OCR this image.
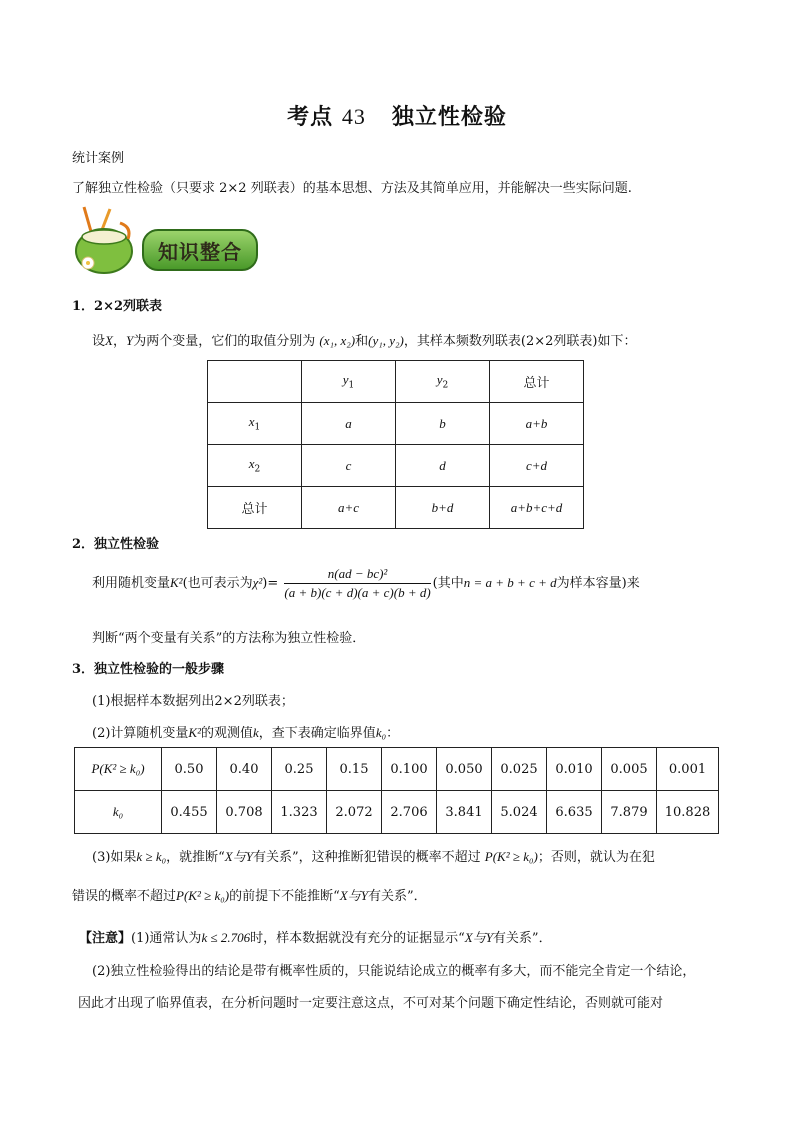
考点 43 独立性检验
统计案例
了解独立性检验（只要求 2×2 列联表）的基本思想、方法及其简单应用，并能解决一些实际问题.
知识整合
1．2×2列联表
设X，Y为两个变量，它们的取值分别为 (x₁, x₂)和(y₁, y₂)，其样本频数列联表(2×2列联表)如下：
	$y_1$	$y_2$	总计
$x_1$	a	b	a+b
$x_2$	c	d	c+d
总计	a+c	b+d	a+b+c+d
2．独立性检验
利用随机变量K²(也可表示为$\chi^2)= \frac{\text{n(ad − bc)²}}{(a + b)(c + d)(a + c)(b + d)}$ (其中n = a + b + c + d为样本容量)来
判断“两个变量有关系”的方法称为独立性检验．
3．独立性检验的一般步骤
(1)根据样本数据列出2×2列联表；
(2)计算随机变量K²的观测值k，查下表确定临界值k₀：
P(K² ≥ k₀)	0.50	0.40	0.25	0.15	0.100	0.050	0.025	0.010	0.005	0.001
k₀	0.455	0.708	1.323	2.072	2.706	3.841	5.024	6.635	7.879	10.828
(3)如果k ≥ k₀，就推断“X与Y有关系”，这种推断犯错误的概率不超过 P(K² ≥ k₀)；否则，就认为在犯
错误的概率不超过P(K² ≥ k₀)的前提下不能推断“X与Y有关系”．
【注意】(1)通常认为k ≤ 2.706时，样本数据就没有充分的证据显示“X与Y有关系”．
(2)独立性检验得出的结论是带有概率性质的，只能说结论成立的概率有多大，而不能完全肯定一个结论，
因此才出现了临界值表，在分析问题时一定要注意这点，不可对某个问题下确定性结论，否则就可能对
